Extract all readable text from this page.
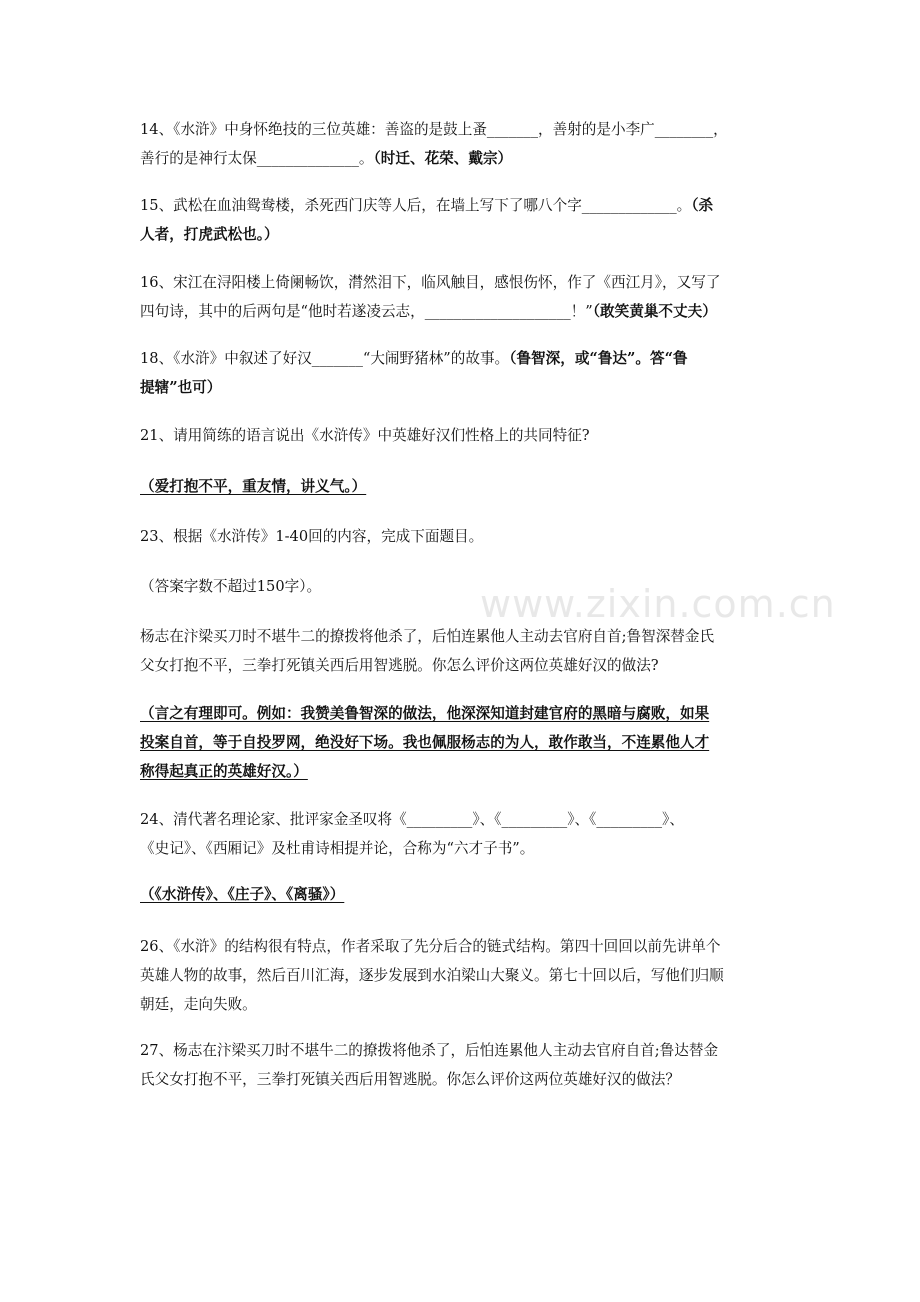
www.zixin.com.cn

14、《水浒》中身怀绝技的三位英雄：善盗的是鼓上蚤_______，善射的是小李广________，

善行的是神行太保______________。（时迁、花荣、戴宗）

15、武松在血油鸳鸯楼，杀死西门庆等人后，在墙上写下了哪八个字_____________。（杀

人者，打虎武松也。）

16、宋江在浔阳楼上倚阑畅饮，潸然泪下，临风触目，感恨伤怀，作了《西江月》，又写了

四句诗，其中的后两句是“他时若遂凌云志，____________________！”（敢笑黄巢不丈夫）

18、《水浒》中叙述了好汉_______“大闹野猪林”的故事。（鲁智深，或“鲁达”。答“鲁

提辖”也可）

21、请用简练的语言说出《水浒传》中英雄好汉们性格上的共同特征?

（爱打抱不平，重友情，讲义气。）

23、根据《水浒传》1-40回的内容，完成下面题目。

（答案字数不超过150字）。

杨志在汴梁买刀时不堪牛二的撩拨将他杀了，后怕连累他人主动去官府自首;鲁智深替金氏

父女打抱不平，三拳打死镇关西后用智逃脱。你怎么评价这两位英雄好汉的做法?

（言之有理即可。例如：我赞美鲁智深的做法，他深深知道封建官府的黑暗与腐败，如果

投案自首，等于自投罗网，绝没好下场。我也佩服杨志的为人，敢作敢当，不连累他人才

称得起真正的英雄好汉。）

24、清代著名理论家、批评家金圣叹将《_________》、《_________》、《_________》、

《史记》、《西厢记》及杜甫诗相提并论，合称为“六才子书”。

（《水浒传》、《庄子》、《离骚》）

26、《水浒》的结构很有特点，作者采取了先分后合的链式结构。第四十回回以前先讲单个

英雄人物的故事，然后百川汇海，逐步发展到水泊梁山大聚义。第七十回以后，写他们归顺

朝廷，走向失败。

27、杨志在汴梁买刀时不堪牛二的撩拨将他杀了，后怕连累他人主动去官府自首;鲁达替金

氏父女打抱不平，三拳打死镇关西后用智逃脱。你怎么评价这两位英雄好汉的做法？
